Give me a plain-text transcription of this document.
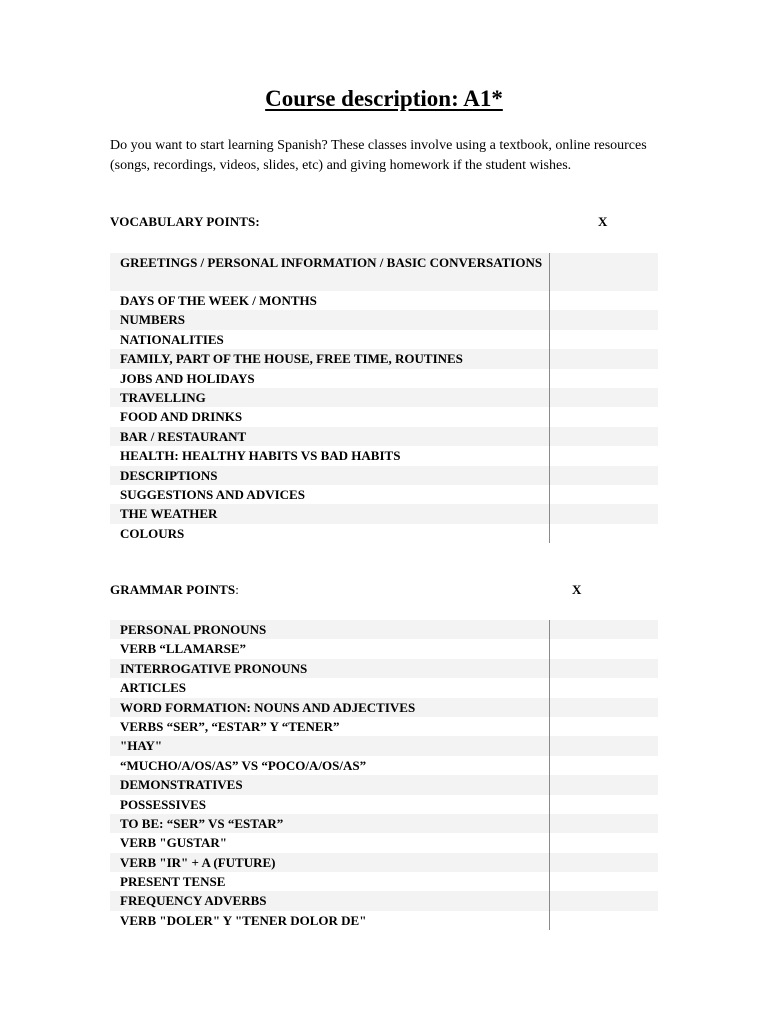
Course description: A1*
Do you want to start learning Spanish? These classes involve using a textbook, online resources (songs, recordings, videos, slides, etc) and giving homework if the student wishes.
VOCABULARY POINTS:	X
GREETINGS / PERSONAL INFORMATION / BASIC CONVERSATIONS
DAYS OF THE WEEK / MONTHS
NUMBERS
NATIONALITIES
FAMILY, PART OF THE HOUSE, FREE TIME, ROUTINES
JOBS AND HOLIDAYS
TRAVELLING
FOOD AND DRINKS
BAR / RESTAURANT
HEALTH: HEALTHY HABITS VS BAD HABITS
DESCRIPTIONS
SUGGESTIONS AND ADVICES
THE WEATHER
COLOURS
GRAMMAR POINTS:	X
PERSONAL PRONOUNS
VERB “LLAMARSE”
INTERROGATIVE PRONOUNS
ARTICLES
WORD FORMATION: NOUNS AND ADJECTIVES
VERBS “SER”, “ESTAR” Y “TENER”
"HAY"
“MUCHO/A/OS/AS” VS “POCO/A/OS/AS”
DEMONSTRATIVES
POSSESSIVES
TO BE: “SER” VS “ESTAR”
VERB "GUSTAR"
VERB "IR" + A (FUTURE)
PRESENT TENSE
FREQUENCY ADVERBS
VERB "DOLER" Y "TENER DOLOR DE"
